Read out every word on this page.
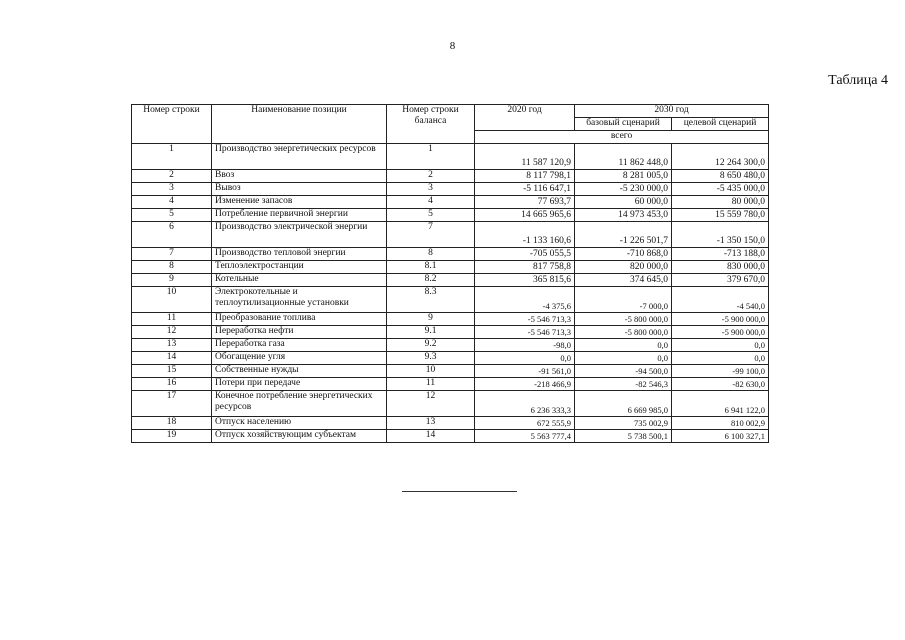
8
Таблица 4
Номер строки	Наименование позиции	Номер строки баланса	2020 год	2030 год	
				базовый сценарий	целевой сценарий
			всего		
1	Производство энергетических ресурсов	1	11 587 120,9	11 862 448,0	12 264 300,0
2	Ввоз	2	8 117 798,1	8 281 005,0	8 650 480,0
3	Вывоз	3	-5 116 647,1	-5 230 000,0	-5 435 000,0
4	Изменение запасов	4	77 693,7	60 000,0	80 000,0
5	Потребление первичной энергии	5	14 665 965,6	14 973 453,0	15 559 780,0
6	Производство электрической энергии	7	-1 133 160,6	-1 226 501,7	-1 350 150,0
7	Производство тепловой энергии	8	-705 055,5	-710 868,0	-713 188,0
8	Теплоэлектростанции	8.1	817 758,8	820 000,0	830 000,0
9	Котельные	8.2	365 815,6	374 645,0	379 670,0
10	Электрокотельные и теплоутилизационные установки	8.3	-4 375,6	-7 000,0	-4 540,0
11	Преобразование топлива	9	-5 546 713,3	-5 800 000,0	-5 900 000,0
12	Переработка нефти	9.1	-5 546 713,3	-5 800 000,0	-5 900 000,0
13	Переработка газа	9.2	-98,0	0,0	0,0
14	Обогащение угля	9.3	0,0	0,0	0,0
15	Собственные нужды	10	-91 561,0	-94 500,0	-99 100,0
16	Потери при передаче	11	-218 466,9	-82 546,3	-82 630,0
17	Конечное потребление энергетических ресурсов	12	6 236 333,3	6 669 985,0	6 941 122,0
18	Отпуск населению	13	672 555,9	735 002,9	810 002,9
19	Отпуск хозяйствующим субъектам	14	5 563 777,4	5 738 500,1	6 100 327,1
